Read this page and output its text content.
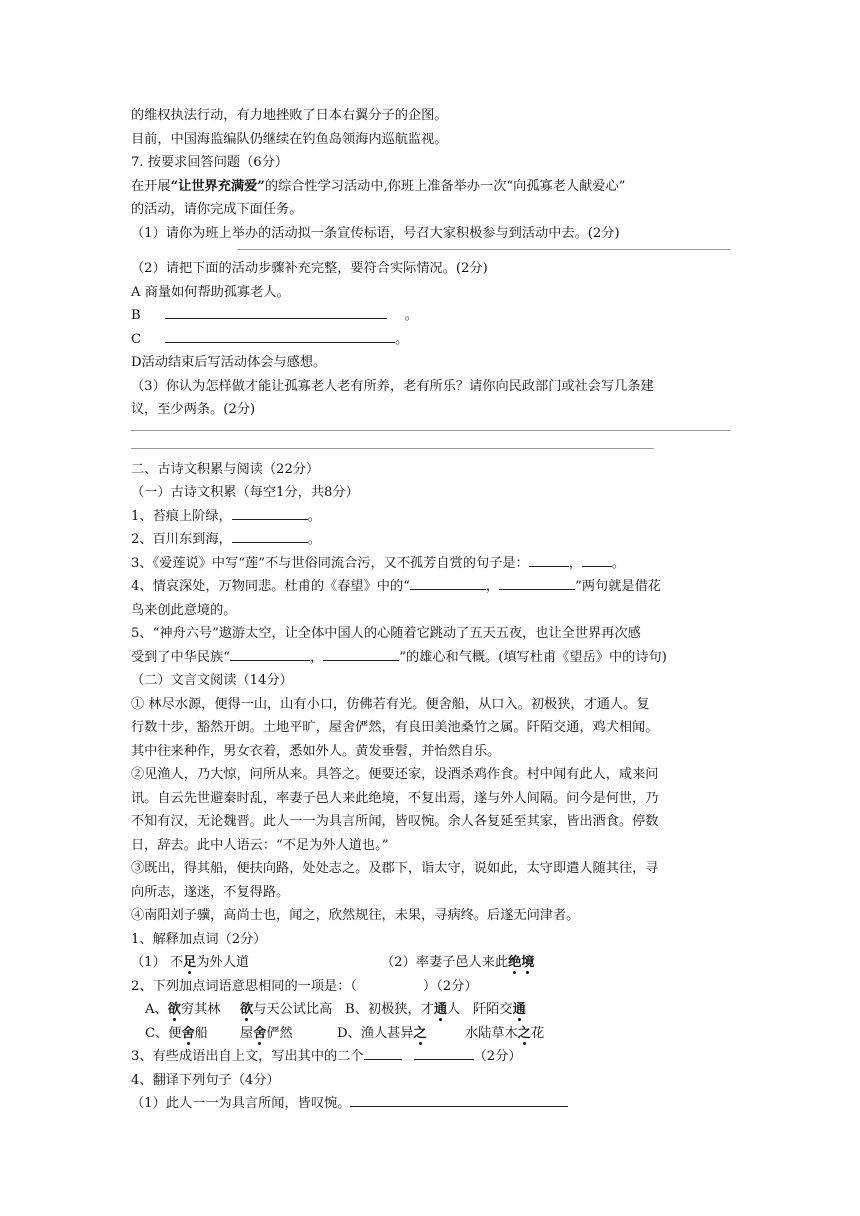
的维权执法行动，有力地挫败了日本右翼分子的企图。
目前，中国海监编队仍继续在钓鱼岛领海内巡航监视。
7. 按要求回答问题（6分）
在开展“让世界充满爱”的综合性学习活动中,你班上准备举办一次“向孤寡老人献爱心”
的活动，请你完成下面任务。
（1）请你为班上举办的活动拟一条宣传标语，号召大家积极参与到活动中去。(2分)
（2）请把下面的活动步骤补充完整，要符合实际情况。(2分)
A 商量如何帮助孤寡老人。
B	。
C	。
D活动结束后写活动体会与感想。
（3）你认为怎样做才能让孤寡老人老有所养，老有所乐？请你向民政部门或社会写几条建
议，至少两条。(2分)
二、古诗文积累与阅读（22分）
（一）古诗文积累（每空1分，共8分）
1、苔痕上阶绿，	。
2、百川东到海，	。
3、《爱莲说》中写“莲”不与世俗同流合污，又不孤芳自赏的句子是：	， 。
4、情哀深处，万物同悲。杜甫的《春望》中的“	，	”两句就是借花
鸟来创此意境的。
5、“神舟六号”遨游太空，让全体中国人的心随着它跳动了五天五夜，也让全世界再次感
受到了中华民族“	，	”的雄心和气概。(填写杜甫《望岳》中的诗句)
（二）文言文阅读（14分）
① 林尽水源，便得一山，山有小口，仿佛若有光。便舍船，从口入。初极狭，才通人。复
行数十步，豁然开朗。土地平旷，屋舍俨然，有良田美池桑竹之属。阡陌交通，鸡犬相闻。
其中往来种作，男女衣着，悉如外人。黄发垂髫，并怡然自乐。
②见渔人，乃大惊，问所从来。具答之。便要还家，设酒杀鸡作食。村中闻有此人，咸来问
讯。自云先世避秦时乱，率妻子邑人来此绝境，不复出焉，遂与外人间隔。问今是何世，乃
不知有汉，无论魏晋。此人一一为具言所闻，皆叹惋。余人各复延至其家，皆出酒食。停数
日，辞去。此中人语云：“不足为外人道也。”
③既出，得其船，便扶向路，处处志之。及郡下，诣太守，说如此，太守即遣人随其往，寻
向所志，遂迷，不复得路。
④南阳刘子骥，高尚士也，闻之，欣然规往，未果，寻病终。后遂无问津者。
1、解释加点词（2分）
（1） 不足为外人道	（2）率妻子邑人来此绝境
2、下列加点词语意思相同的一项是：（	）（2分）
A、欲穷其林 欲与天公试比高 B、初极狭，才通人 阡陌交通
C、便舍船 屋舍俨然	D、渔人甚异之	水陆草木之花
3、有些成语出自上文，写出其中的二个	（2分）
4、翻译下列句子（4分）
（1）此人一一为具言所闻，皆叹惋。
